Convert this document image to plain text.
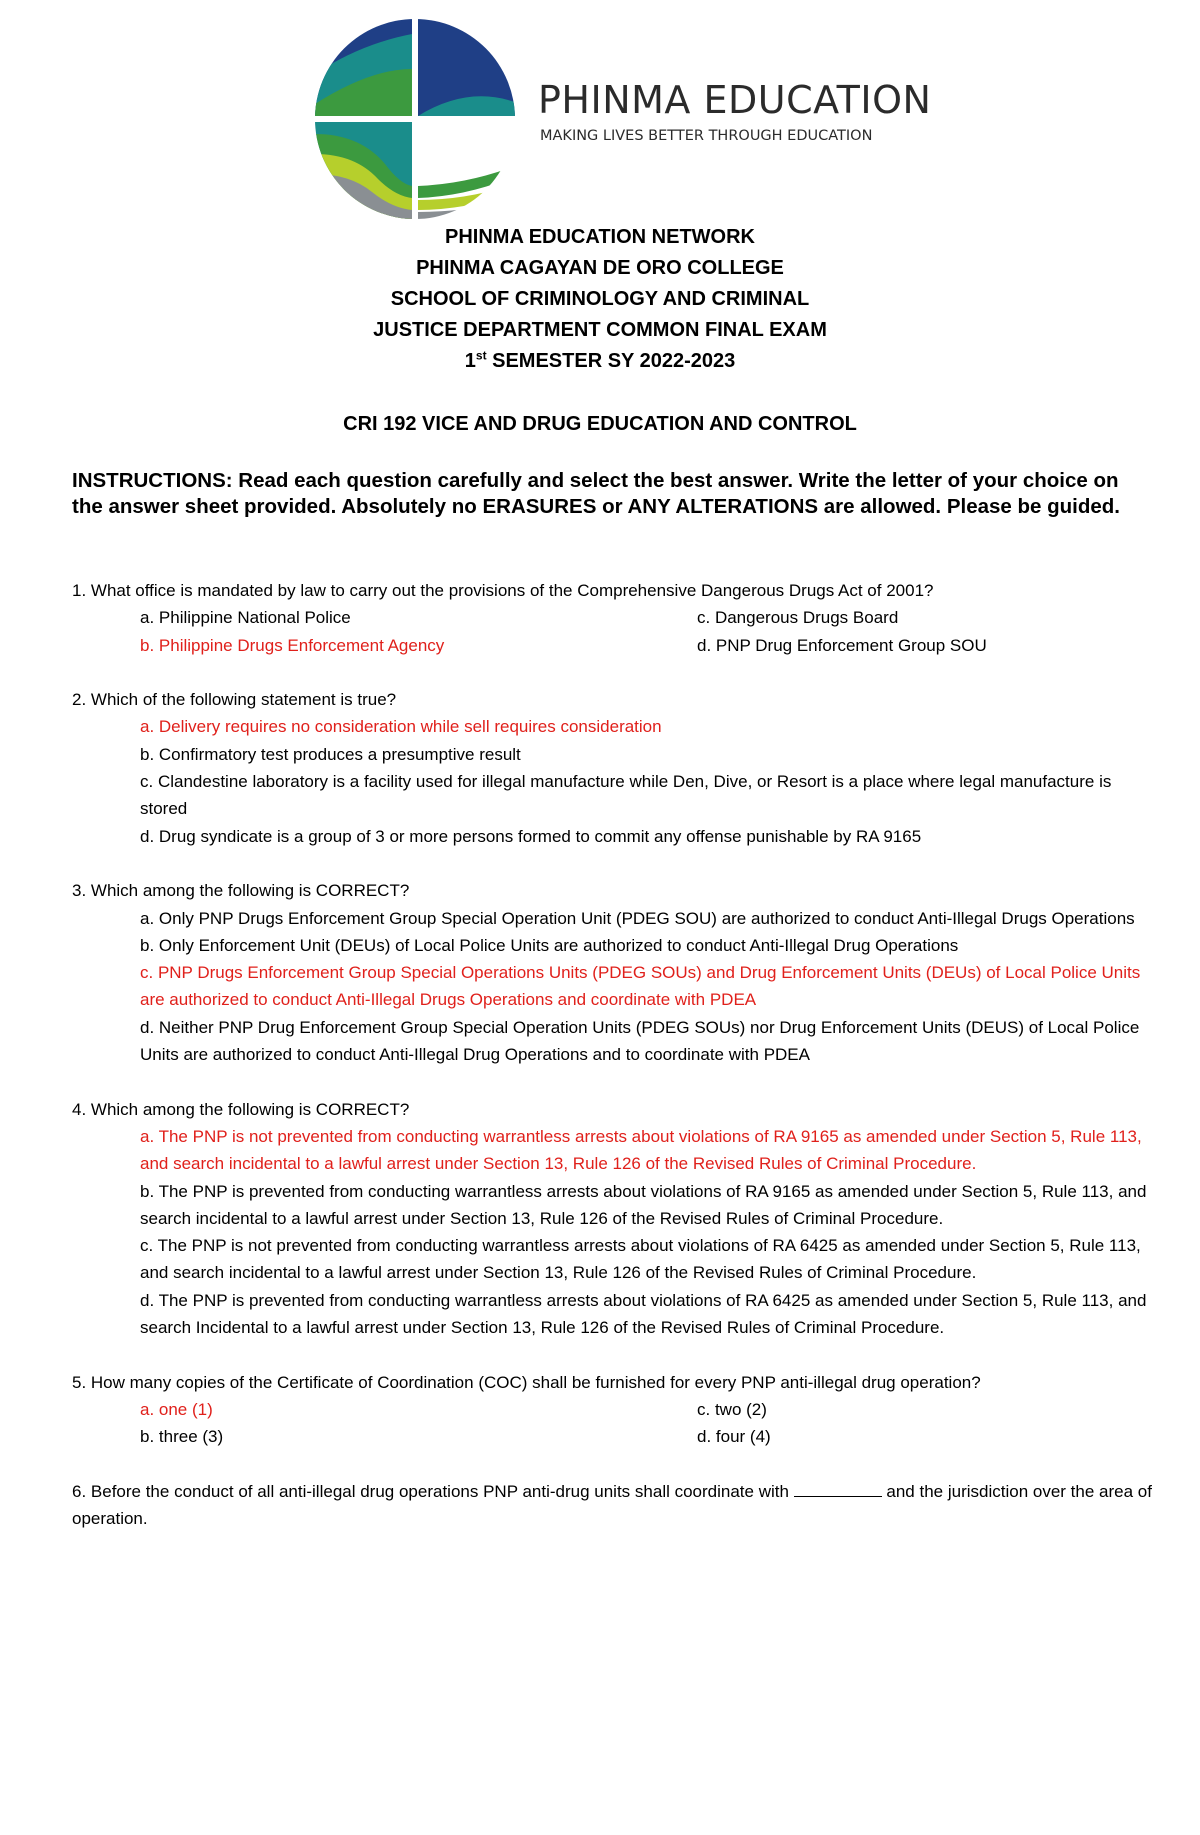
PHINMA EDUCATION
MAKING LIVES BETTER THROUGH EDUCATION
PHINMA EDUCATION NETWORK
PHINMA CAGAYAN DE ORO COLLEGE
SCHOOL OF CRIMINOLOGY AND CRIMINAL
JUSTICE DEPARTMENT COMMON FINAL EXAM
1st SEMESTER SY 2022-2023
CRI 192 VICE AND DRUG EDUCATION AND CONTROL
INSTRUCTIONS: Read each question carefully and select the best answer. Write the letter of your choice on the answer sheet provided. Absolutely no ERASURES or ANY ALTERATIONS are allowed. Please be guided.

1. What office is mandated by law to carry out the provisions of the Comprehensive Dangerous Drugs Act of 2001?

a. Philippine National Police	c. Dangerous Drugs Board
b. Philippine Drugs Enforcement Agency	d. PNP Drug Enforcement Group SOU

2. Which of the following statement is true?

a. Delivery requires no consideration while sell requires consideration
b. Confirmatory test produces a presumptive result
c. Clandestine laboratory is a facility used for illegal manufacture while Den, Dive, or Resort is a place where legal manufacture is stored
d. Drug syndicate is a group of 3 or more persons formed to commit any offense punishable by RA 9165

3. Which among the following is CORRECT?

a. Only PNP Drugs Enforcement Group Special Operation Unit (PDEG SOU) are authorized to conduct Anti-Illegal Drugs Operations
b. Only Enforcement Unit (DEUs) of Local Police Units are authorized to conduct Anti-Illegal Drug Operations
c. PNP Drugs Enforcement Group Special Operations Units (PDEG SOUs) and Drug Enforcement Units (DEUs) of Local Police Units are authorized to conduct Anti-Illegal Drugs Operations and coordinate with PDEA
d. Neither PNP Drug Enforcement Group Special Operation Units (PDEG SOUs) nor Drug Enforcement Units (DEUS) of Local Police Units are authorized to conduct Anti-Illegal Drug Operations and to coordinate with PDEA

4. Which among the following is CORRECT?

a. The PNP is not prevented from conducting warrantless arrests about violations of RA 9165 as amended under Section 5, Rule 113, and search incidental to a lawful arrest under Section 13, Rule 126 of the Revised Rules of Criminal Procedure.
b. The PNP is prevented from conducting warrantless arrests about violations of RA 9165 as amended under Section 5, Rule 113, and search incidental to a lawful arrest under Section 13, Rule 126 of the Revised Rules of Criminal Procedure.
c. The PNP is not prevented from conducting warrantless arrests about violations of RA 6425 as amended under Section 5, Rule 113, and search incidental to a lawful arrest under Section 13, Rule 126 of the Revised Rules of Criminal Procedure.
d. The PNP is prevented from conducting warrantless arrests about violations of RA 6425 as amended under Section 5, Rule 113, and search Incidental to a lawful arrest under Section 13, Rule 126 of the Revised Rules of Criminal Procedure.

5. How many copies of the Certificate of Coordination (COC) shall be furnished for every PNP anti-illegal drug operation?

a. one (1)	c. two (2)
b. three (3)	d. four (4)

6. Before the conduct of all anti-illegal drug operations PNP anti-drug units shall coordinate with	and the jurisdiction over the area of operation.
